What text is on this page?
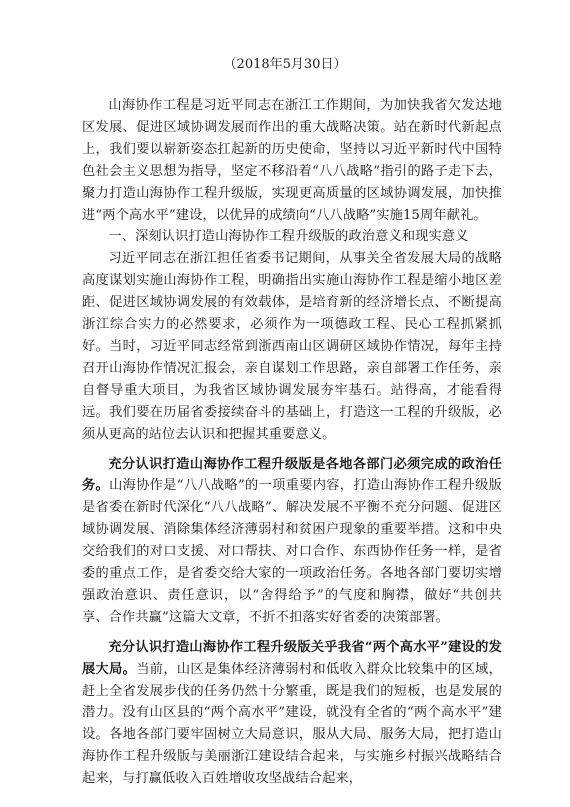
（2018年5月30日）

山海协作工程是习近平同志在浙江工作期间，为加快我省欠发达地区发展、促进区域协调发展而作出的重大战略决策。站在新时代新起点上，我们要以崭新姿态扛起新的历史使命，坚持以习近平新时代中国特色社会主义思想为指导，坚定不移沿着“八八战略”指引的路子走下去，聚力打造山海协作工程升级版，实现更高质量的区域协调发展，加快推进“两个高水平”建设，以优异的成绩向“八八战略”实施15周年献礼。

一、深刻认识打造山海协作工程升级版的政治意义和现实意义

习近平同志在浙江担任省委书记期间，从事关全省发展大局的战略高度谋划实施山海协作工程，明确指出实施山海协作工程是缩小地区差距、促进区域协调发展的有效载体，是培育新的经济增长点、不断提高浙江综合实力的必然要求，必须作为一项德政工程、民心工程抓紧抓好。当时，习近平同志经常到浙西南山区调研区域协作情况，每年主持召开山海协作情况汇报会，亲自谋划工作思路，亲自部署工作任务，亲自督导重大项目，为我省区域协调发展夯牢基石。站得高，才能看得远。我们要在历届省委接续奋斗的基础上，打造这一工程的升级版，必须从更高的站位去认识和把握其重要意义。

充分认识打造山海协作工程升级版是各地各部门必须完成的政治任务。山海协作是“八八战略”的一项重要内容，打造山海协作工程升级版是省委在新时代深化“八八战略”、解决发展不平衡不充分问题、促进区域协调发展、消除集体经济薄弱村和贫困户现象的重要举措。这和中央交给我们的对口支援、对口帮扶、对口合作、东西协作任务一样，是省委的重点工作，是省委交给大家的一项政治任务。各地各部门要切实增强政治意识、责任意识，以“舍得给予”的气度和胸襟，做好“共创共享、合作共赢”这篇大文章，不折不扣落实好省委的决策部署。

充分认识打造山海协作工程升级版关乎我省“两个高水平”建设的发展大局。当前，山区是集体经济薄弱村和低收入群众比较集中的区域，赶上全省发展步伐的任务仍然十分繁重，既是我们的短板，也是发展的潜力。没有山区县的“两个高水平”建设，就没有全省的“两个高水平”建设。各地各部门要牢固树立大局意识，服从大局、服务大局，把打造山海协作工程升级版与美丽浙江建设结合起来，与实施乡村振兴战略结合起来，与打赢低收入百姓增收攻坚战结合起来，
